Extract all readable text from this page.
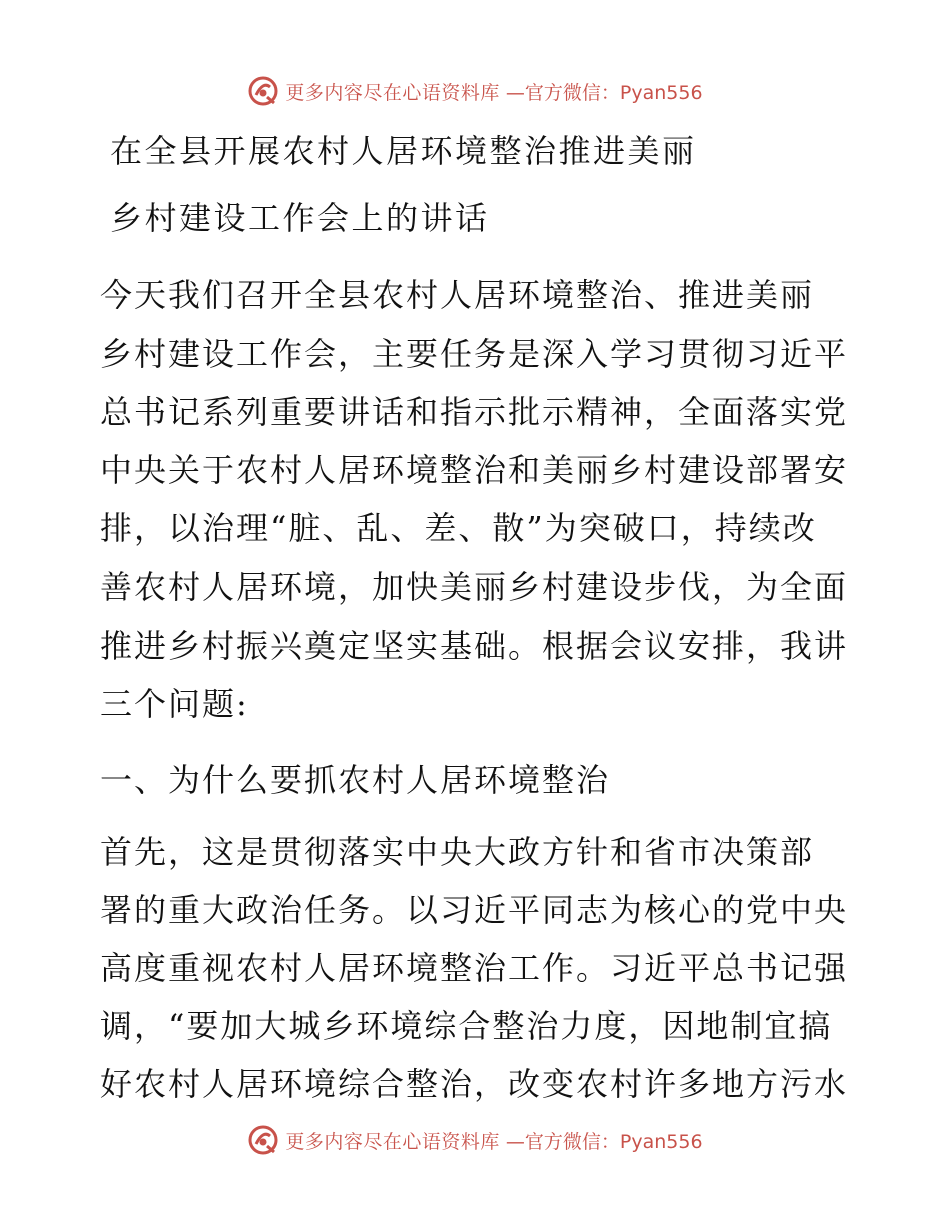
更多内容尽在心语资料库 —官方微信：Pyan556
在全县开展农村人居环境整治推进美丽
乡村建设工作会上的讲话

今天我们召开全县农村人居环境整治、推进美丽

乡村建设工作会，主要任务是深入学习贯彻习近平

总书记系列重要讲话和指示批示精神，全面落实党

中央关于农村人居环境整治和美丽乡村建设部署安

排，以治理“脏、乱、差、散”为突破口，持续改

善农村人居环境，加快美丽乡村建设步伐，为全面

推进乡村振兴奠定坚实基础。根据会议安排，我讲

三个问题:

一、为什么要抓农村人居环境整治

首先，这是贯彻落实中央大政方针和省市决策部

署的重大政治任务。以习近平同志为核心的党中央

高度重视农村人居环境整治工作。习近平总书记强

调，“要加大城乡环境综合整治力度，因地制宜搞

好农村人居环境综合整治，改变农村许多地方污水

更多内容尽在心语资料库 —官方微信：Pyan556
